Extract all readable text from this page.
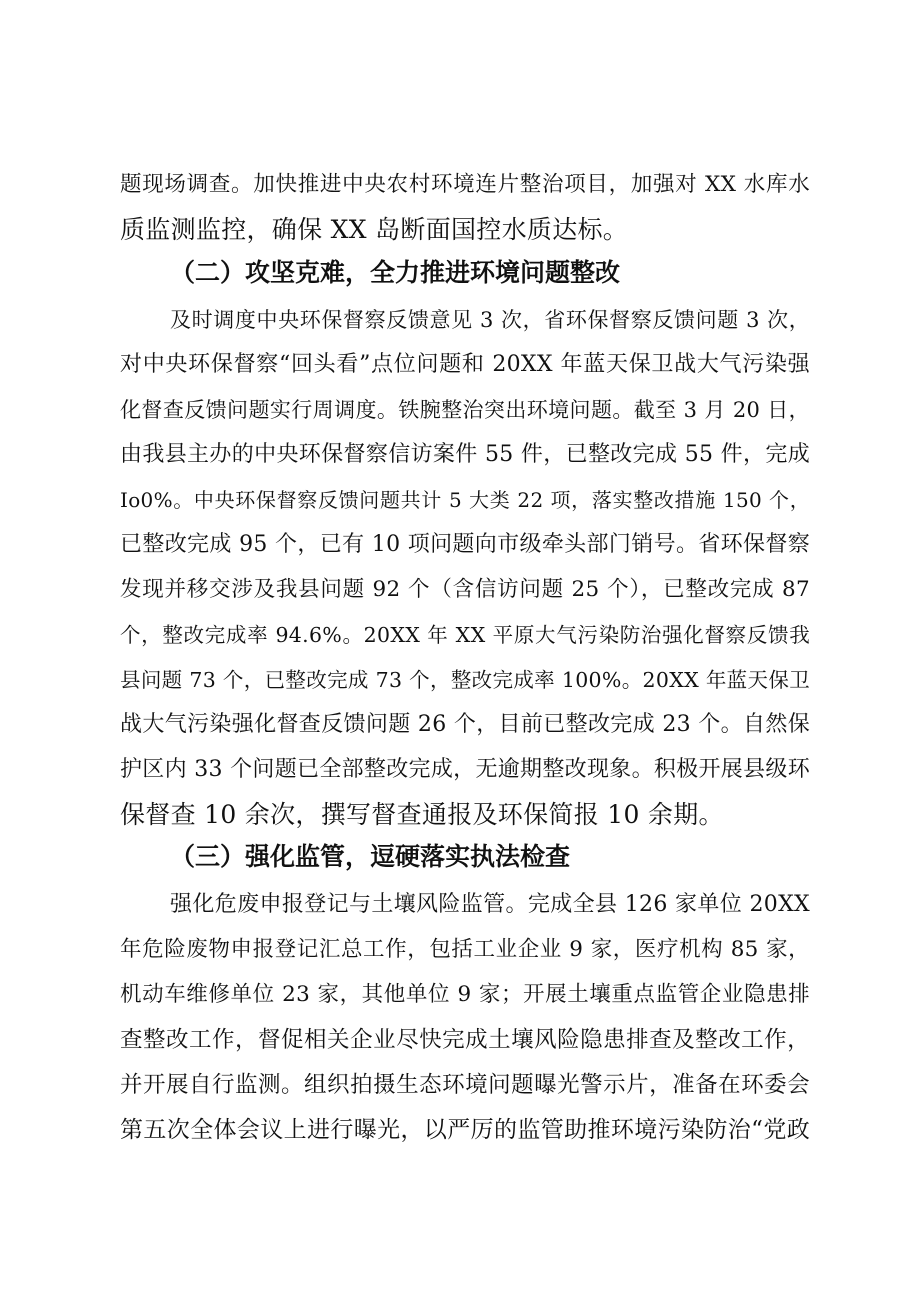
题现场调查。加快推进中央农村环境连片整治项目，加强对 XX 水库水
质监测监控，确保 XX 岛断面国控水质达标。
（二）攻坚克难，全力推进环境问题整改
及时调度中央环保督察反馈意见 3 次，省环保督察反馈问题 3 次，
对中央环保督察“回头看”点位问题和 20XX 年蓝天保卫战大气污染强
化督查反馈问题实行周调度。铁腕整治突出环境问题。截至 3 月 20 日，
由我县主办的中央环保督察信访案件 55 件，已整改完成 55 件，完成
Io0%。中央环保督察反馈问题共计 5 大类 22 项，落实整改措施 150 个，
已整改完成 95 个，已有 10 项问题向市级牵头部门销号。省环保督察
发现并移交涉及我县问题 92 个（含信访问题 25 个），已整改完成 87
个，整改完成率 94.6%。20XX 年 XX 平原大气污染防治强化督察反馈我
县问题 73 个，已整改完成 73 个，整改完成率 100%。20XX 年蓝天保卫
战大气污染强化督查反馈问题 26 个，目前已整改完成 23 个。自然保
护区内 33 个问题已全部整改完成，无逾期整改现象。积极开展县级环
保督查 10 余次，撰写督查通报及环保简报 10 余期。
（三）强化监管，逗硬落实执法检查
强化危废申报登记与土壤风险监管。完成全县 126 家单位 20XX
年危险废物申报登记汇总工作，包括工业企业 9 家，医疗机构 85 家，
机动车维修单位 23 家，其他单位 9 家；开展土壤重点监管企业隐患排
查整改工作，督促相关企业尽快完成土壤风险隐患排查及整改工作，
并开展自行监测。组织拍摄生态环境问题曝光警示片，准备在环委会
第五次全体会议上进行曝光，以严厉的监管助推环境污染防治“党政
